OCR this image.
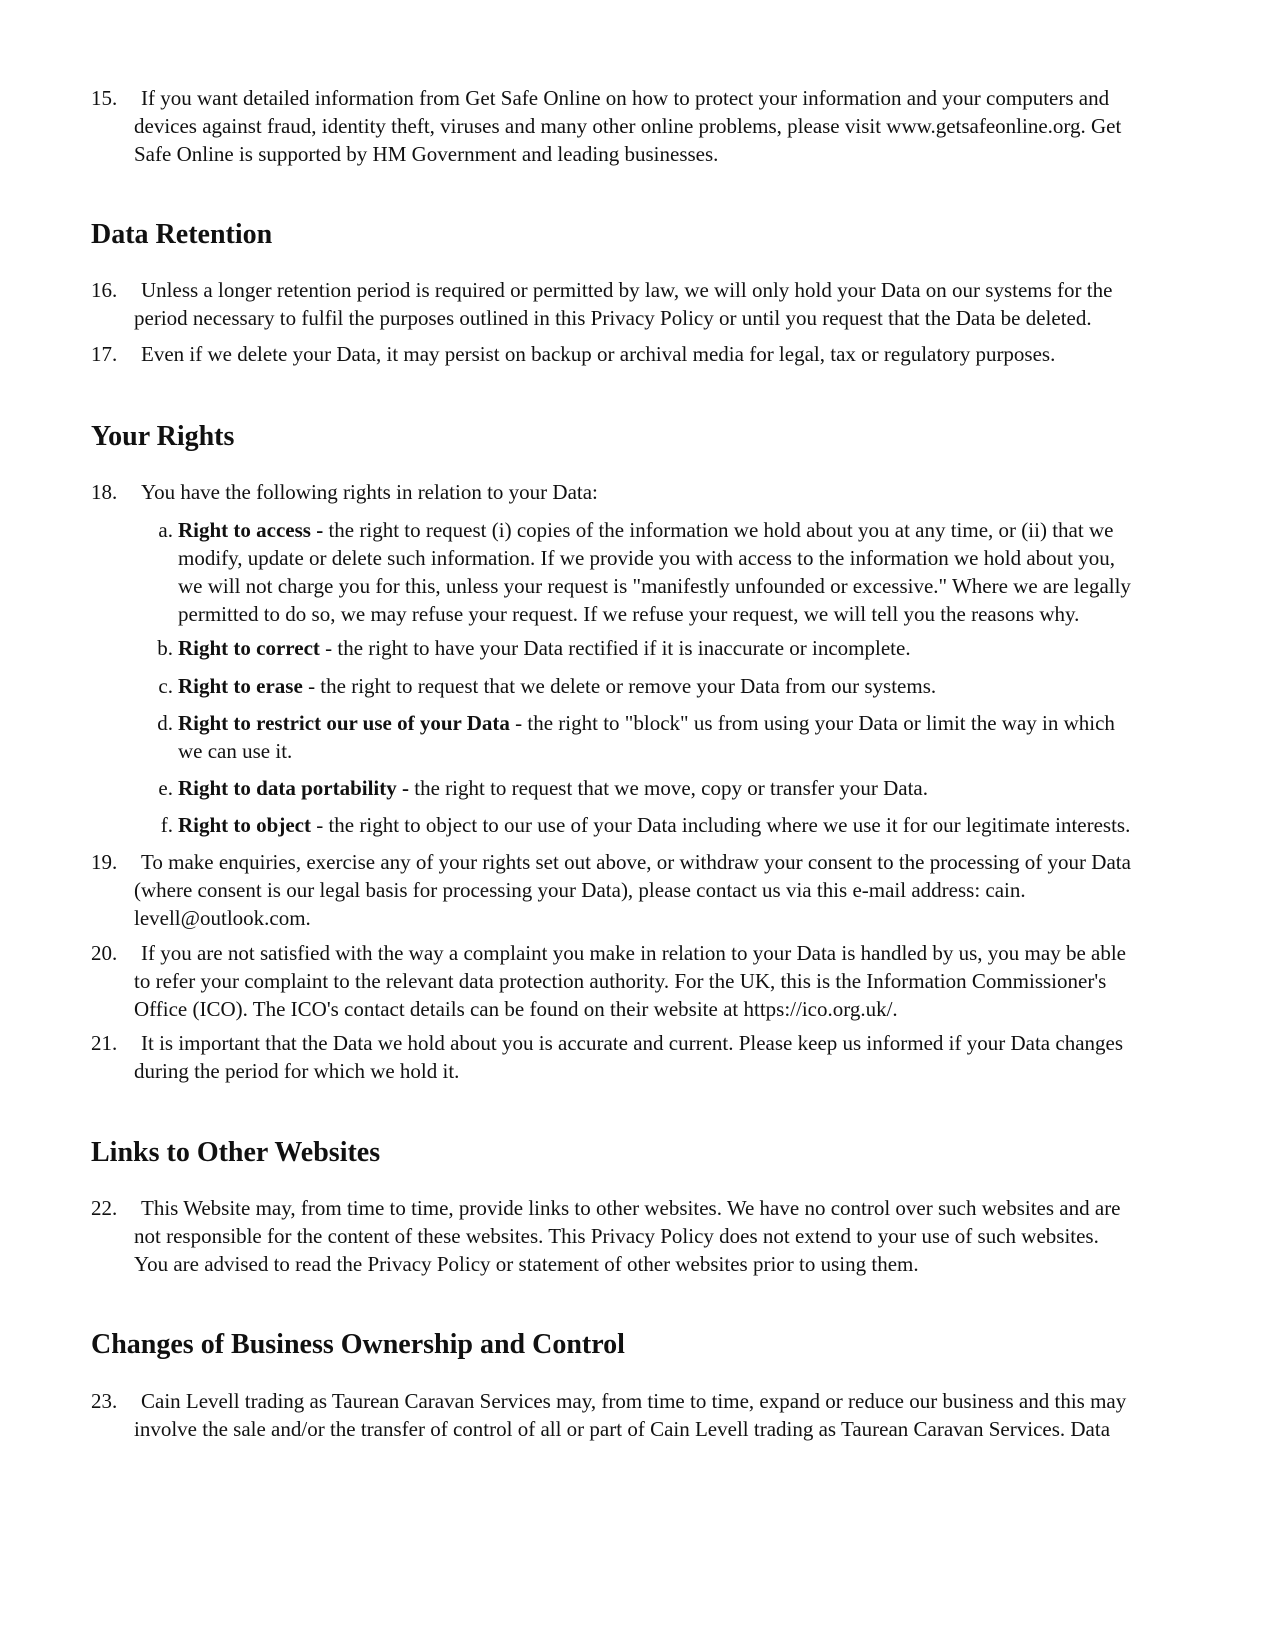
15.	If you want detailed information from Get Safe Online on how to protect your information and your computers and
devices against fraud, identity theft, viruses and many other online problems, please visit www.getsafeonline.org. Get
Safe Online is supported by HM Government and leading businesses.
Data Retention
16.	Unless a longer retention period is required or permitted by law, we will only hold your Data on our systems for the
period necessary to fulfil the purposes outlined in this Privacy Policy or until you request that the Data be deleted.
17.	Even if we delete your Data, it may persist on backup or archival media for legal, tax or regulatory purposes.
Your Rights
18.	You have the following rights in relation to your Data:
a. Right to access - the right to request (i) copies of the information we hold about you at any time, or (ii) that we
modify, update or delete such information. If we provide you with access to the information we hold about you,
we will not charge you for this, unless your request is "manifestly unfounded or excessive." Where we are legally
permitted to do so, we may refuse your request. If we refuse your request, we will tell you the reasons why.
b. Right to correct - the right to have your Data rectified if it is inaccurate or incomplete.
c. Right to erase - the right to request that we delete or remove your Data from our systems.
d. Right to restrict our use of your Data - the right to "block" us from using your Data or limit the way in which
we can use it.
e. Right to data portability - the right to request that we move, copy or transfer your Data.
f. Right to object - the right to object to our use of your Data including where we use it for our legitimate interests.
19.	To make enquiries, exercise any of your rights set out above, or withdraw your consent to the processing of your Data
(where consent is our legal basis for processing your Data), please contact us via this e-mail address: cain.
levell@outlook.com.
20.	If you are not satisfied with the way a complaint you make in relation to your Data is handled by us, you may be able
to refer your complaint to the relevant data protection authority. For the UK, this is the Information Commissioner's
Office (ICO). The ICO's contact details can be found on their website at https://ico.org.uk/.
21.	It is important that the Data we hold about you is accurate and current. Please keep us informed if your Data changes
during the period for which we hold it.
Links to Other Websites
22.	This Website may, from time to time, provide links to other websites. We have no control over such websites and are
not responsible for the content of these websites. This Privacy Policy does not extend to your use of such websites.
You are advised to read the Privacy Policy or statement of other websites prior to using them.
Changes of Business Ownership and Control
23.	Cain Levell trading as Taurean Caravan Services may, from time to time, expand or reduce our business and this may
involve the sale and/or the transfer of control of all or part of Cain Levell trading as Taurean Caravan Services. Data
